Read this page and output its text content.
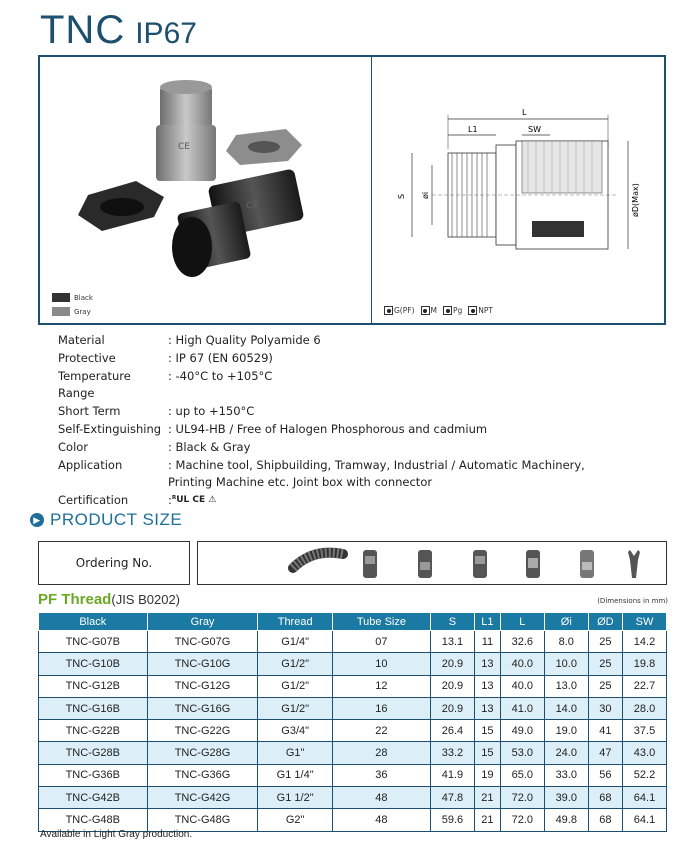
TNC IP67
CE
CE
Black
Gray
L
L1	SW
S øi	øD(Max)
G(PF)	M	Pg	NPT
Material	: High Quality Polyamide 6
Protective	: IP 67 (EN 60529)
Temperature Range
: -40°C to +105°C
Short Term	: up to +150°C
Self-Extinguishing : UL94-HB / Free of Halogen Phosphorous and cadmium
Color	: Black & Gray
Application	: Machine tool, Shipbuilding, Tramway, Industrial / Automatic Machinery,
Printing Machine etc. Joint box with connector
Certification	: ᴿUL CE ⚠
▶ PRODUCT SIZE
Ordering No.
PF Thread(JIS B0202)	(Dimensions in mm)
Black	Gray	Thread	Tube Size	S	L1	L	Øi	ØD	SW
TNC-G07B	TNC-G07G	G1/4"	07	13.1	11	32.6	8.0	25	14.2
TNC-G10B	TNC-G10G	G1/2"	10	20.9	13	40.0	10.0	25	19.8
TNC-G12B	TNC-G12G	G1/2"	12	20.9	13	40.0	13.0	25	22.7
TNC-G16B	TNC-G16G	G1/2"	16	20.9	13	41.0	14.0	30	28.0
TNC-G22B	TNC-G22G	G3/4"	22	26.4	15	49.0	19.0	41	37.5
TNC-G28B	TNC-G28G	G1"	28	33.2	15	53.0	24.0	47	43.0
TNC-G36B	TNC-G36G	G1 1/4"	36	41.9	19	65.0	33.0	56	52.2
TNC-G42B	TNC-G42G	G1 1/2"	48	47.8	21	72.0	39.0	68	64.1
TNC-G48B	TNC-G48G	G2"	48	59.6	21	72.0	49.8	68	64.1
Available in Light Gray production.
